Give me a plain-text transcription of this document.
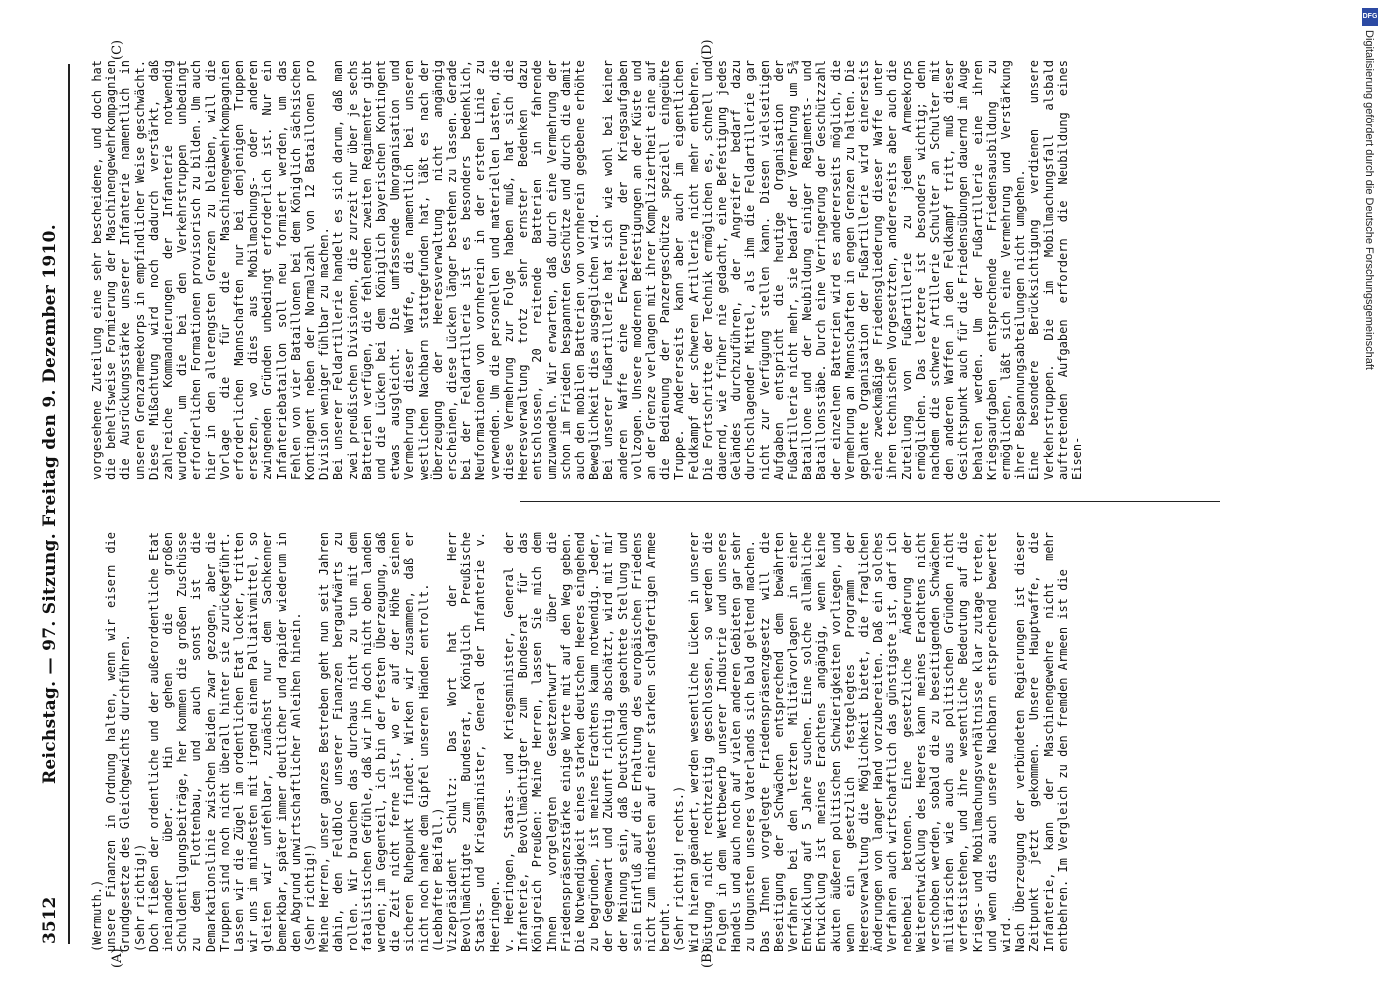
3512
Reichstag. — 97. Sitzung. Freitag den 9. Dezember 1910.
(A)	(B)
(C)	(D)
(Wermuth.)
unsere Finanzen in Ordnung halten, wenn wir eisern die Grundgesetze des Gleichgewichts durchführen.
(Sehr richtig!)
Doch fließen der ordentliche und der außerordentliche Etat ineinander über. Hin gehen die großen Schuldentilgungsbeiträge, her kommen die großen Zuschüsse zu dem Flottenbau, und auch sonst ist die Demarkationslinie zwischen beiden zwar gezogen, aber die Truppen sind noch nicht überall hinter sie zurückgeführt. Lassen wir die Zügel im ordentlichen Etat locker, tritten wir uns im mindesten mit irgend einem Palliativmittel, so gleiten wir unfehlbar, zunächst nur dem Sachkenner bemerkbar, später immer deutlicher und rapider wiederum in den Abgrund unwirtschaftlicher Anleihen hinein.
(Sehr richtig!)
Meine Herren, unser ganzes Bestreben geht nun seit Jahren dahin, den Feldbloc unserer Finanzen bergaufwärts zu rollen. Wir brauchen das durchaus nicht zu tun mit dem fatalistischen Gefühle, daß wir ihn doch nicht oben landen werden; im Gegenteil, ich bin der festen Überzeugung, daß die Zeit nicht ferne ist, wo er auf der Höhe seinen sicheren Ruhepunkt findet. Wirken wir zusammen, daß er nicht noch nahe dem Gipfel unseren Händen entrollt.
(Lebhafter Beifall.)
Vizepräsident Schultz: Das Wort hat der Herr Bevollmächtigte zum Bundesrat, Königlich Preußische Staats- und Kriegsminister, General der Infanterie v. Heeringen.
v. Heeringen, Staats- und Kriegsminister, General der Infanterie, Bevollmächtigter zum Bundesrat für das Königreich Preußen: Meine Herren, lassen Sie mich dem Ihnen vorgelegten Gesetzentwurf über die Friedenspräsenzstärke einige Worte mit auf den Weg geben. Die Notwendigkeit eines starken deutschen Heeres eingehend zu begründen, ist meines Erachtens kaum notwendig. Jeder, der Gegenwart und Zukunft richtig abschätzt, wird mit mir der Meinung sein, daß Deutschlands geachtete Stellung und sein Einfluß auf die Erhaltung des europäischen Friedens nicht zum mindesten auf einer starken schlagfertigen Armee beruht.
(Sehr richtig! rechts.)
Wird hieran geändert, werden wesentliche Lücken in unserer Rüstung nicht rechtzeitig geschlossen, so werden die Folgen in dem Wettbewerb unserer Industrie und unseres Handels und auch noch auf vielen anderen Gebieten gar sehr zu Ungunsten unseres Vaterlands sich bald geltend machen.
Das Ihnen vorgelegte Friedenspräsenzgesetz will die Beseitigung der Schwächen entsprechend dem bewährten Verfahren bei den letzten Militärvorlagen in einer Entwicklung auf 5 Jahre suchen. Eine solche allmähliche Entwicklung ist meines Erachtens angängig, wenn keine akuten äußeren politischen Schwierigkeiten vorliegen, und wenn ein gesetzlich festgelegtes Programm der Heeresverwaltung die Möglichkeit bietet, die fraglichen Änderungen von langer Hand vorzubereiten. Daß ein solches Verfahren auch wirtschaftlich das günstigste ist, darf ich nebenbei betonen. Eine gesetzliche Änderung der Weiterentwicklung des Heeres kann meines Erachtens nicht verschoben werden, sobald die zu beseitigenden Schwächen militärischen wie auch aus politischen Gründen nicht verfestistehen, und ihre wesentliche Bedeutung auf die Kriegs- und Mobilmachungsverhältnisse klar zutage treten, und wenn dies auch unsere Nachbarn entsprechend bewertet wird.
Nach Überzeugung der verbündeten Regierungen ist dieser Zeitpunkt jetzt gekommen. Unsere Hauptwaffe, die Infanterie, kann der Maschinengewehre nicht mehr entbehren. Im Vergleich zu den fremden Armeen ist die
vorgesehene Zuteilung eine sehr bescheidene, und doch hat die behelfsweise Formierung der Maschinengewehrkompagnien die Ausrückungsstärke unserer Infanterie namentlich in unseren Grenzarmeekorps in empfindlicher Weise geschwächt. Diese Mißachtung wird noch dadurch verstärkt, daß zahlreiche Kommandierungen der Infanterie notwendig wurden, um die bei den Verkehrstruppen unbedingt erforderlichen Formationen provisorisch zu bilden. Um auch hier in den allerengsten Grenzen zu bleiben, will die Vorlage die für die Maschinengewehrkompagnien erforderlichen Mannschaften nur bei denjenigen Truppen ersetzen, wo dies aus Mobilmachungs- oder anderen zwingenden Gründen unbedingt erforderlich ist. Nur ein Infanteriebataillon soll neu formiert werden, um das Fehlen von vier Bataillonen bei dem Königlich sächsischen Kontingent neben der Normalzahl von 12 Bataillonen pro Division weniger fühlbar zu machen.
Bei unserer Feldartillerie handelt es sich darum, daß man zwei preußischen Divisionen, die zurzeit nur über je sechs Batterien verfügen, die fehlenden zweiten Regimenter gibt und die Lücken bei dem Königlich bayerischen Kontingent etwas ausgleicht. Die umfassende Umorganisation und Vermehrung dieser Waffe, die namentlich bei unseren westlichen Nachbarn stattgefunden hat, läßt es nach der Überzeugung der Heeresverwaltung nicht angängig erscheinen, diese Lücken länger bestehen zu lassen. Gerade bei der Feldartillerie ist es besonders bedenklich, Neuformationen von vornherein in der ersten Linie zu verwenden. Um die personellen und materiellen Lasten, die diese Vermehrung zur Folge haben muß, hat sich die Heeresverwaltung trotz sehr ernster Bedenken dazu entschlossen, 20 reitende Batterien in fahrende umzuwandeln. Wir erwarten, daß durch eine Vermehrung der schon im Frieden bespannten Geschütze und durch die damit auch den mobilen Batterien von vornherein gegebene erhöhte Beweglichkeit dies ausgeglichen wird.
Bei unserer Fußartillerie hat sich wie wohl bei keiner anderen Waffe eine Erweiterung der Kriegsaufgaben vollzogen. Unsere modernen Befestigungen an der Küste und an der Grenze verlangen mit ihrer Kompliziertheit eine auf die Bedienung der Panzergeschütze speziell eingeübte Truppe. Andererseits kann aber auch im eigentlichen Feldkampf der schweren Artillerie nicht mehr entbehren. Die Fortschritte der Technik ermöglichen es, schnell und dauernd, wie früher nie gedacht, eine Befestigung jedes Geländes durchzuführen, der Angreifer bedarf dazu durchschlagender Mittel, als ihm die Feldartillerie gar nicht zur Verfügung stellen kann. Diesen vielseitigen Aufgaben entspricht die heutige Organisation der Fußartillerie nicht mehr, sie bedarf der Vermehrung um 5¾ Bataillone und der Neubildung einiger Regiments- und Bataillonsstäbe. Durch eine Verringerung der Geschützzahl der einzelnen Batterien wird es andererseits möglich, die Vermehrung an Mannschaften in engen Grenzen zu halten. Die geplante Organisation der Fußartillerie wird einerseits eine zweckmäßige Friedensgliederung dieser Waffe unter ihren technischen Vorgesetzten, andererseits aber auch die Zuteilung von Fußartillerie zu jedem Armeekorps ermöglichen. Das letztere ist besonders wichtig; denn nachdem die schwere Artillerie Schulter an Schulter mit den anderen Waffen in den Feldkampf tritt, muß dieser Gesichtspunkt auch für die Friedensübungen dauernd im Auge behalten werden. Um der Fußartillerie eine ihren Kriegsaufgaben entsprechende Friedensausbildung zu ermöglichen, läßt sich eine Vermehrung und Verstärkung ihrer Bespannungsabteilungen nicht umgehen.
Eine besondere Berücksichtigung verdienen unsere Verkehrstruppen. Die im Mobilmachungsfall alsbald auftretenden Aufgaben erfordern die Neubildung eines Eisen-
DFG
Digitalisierung gefördert durch die Deutsche Forschungsgemeinschaft
